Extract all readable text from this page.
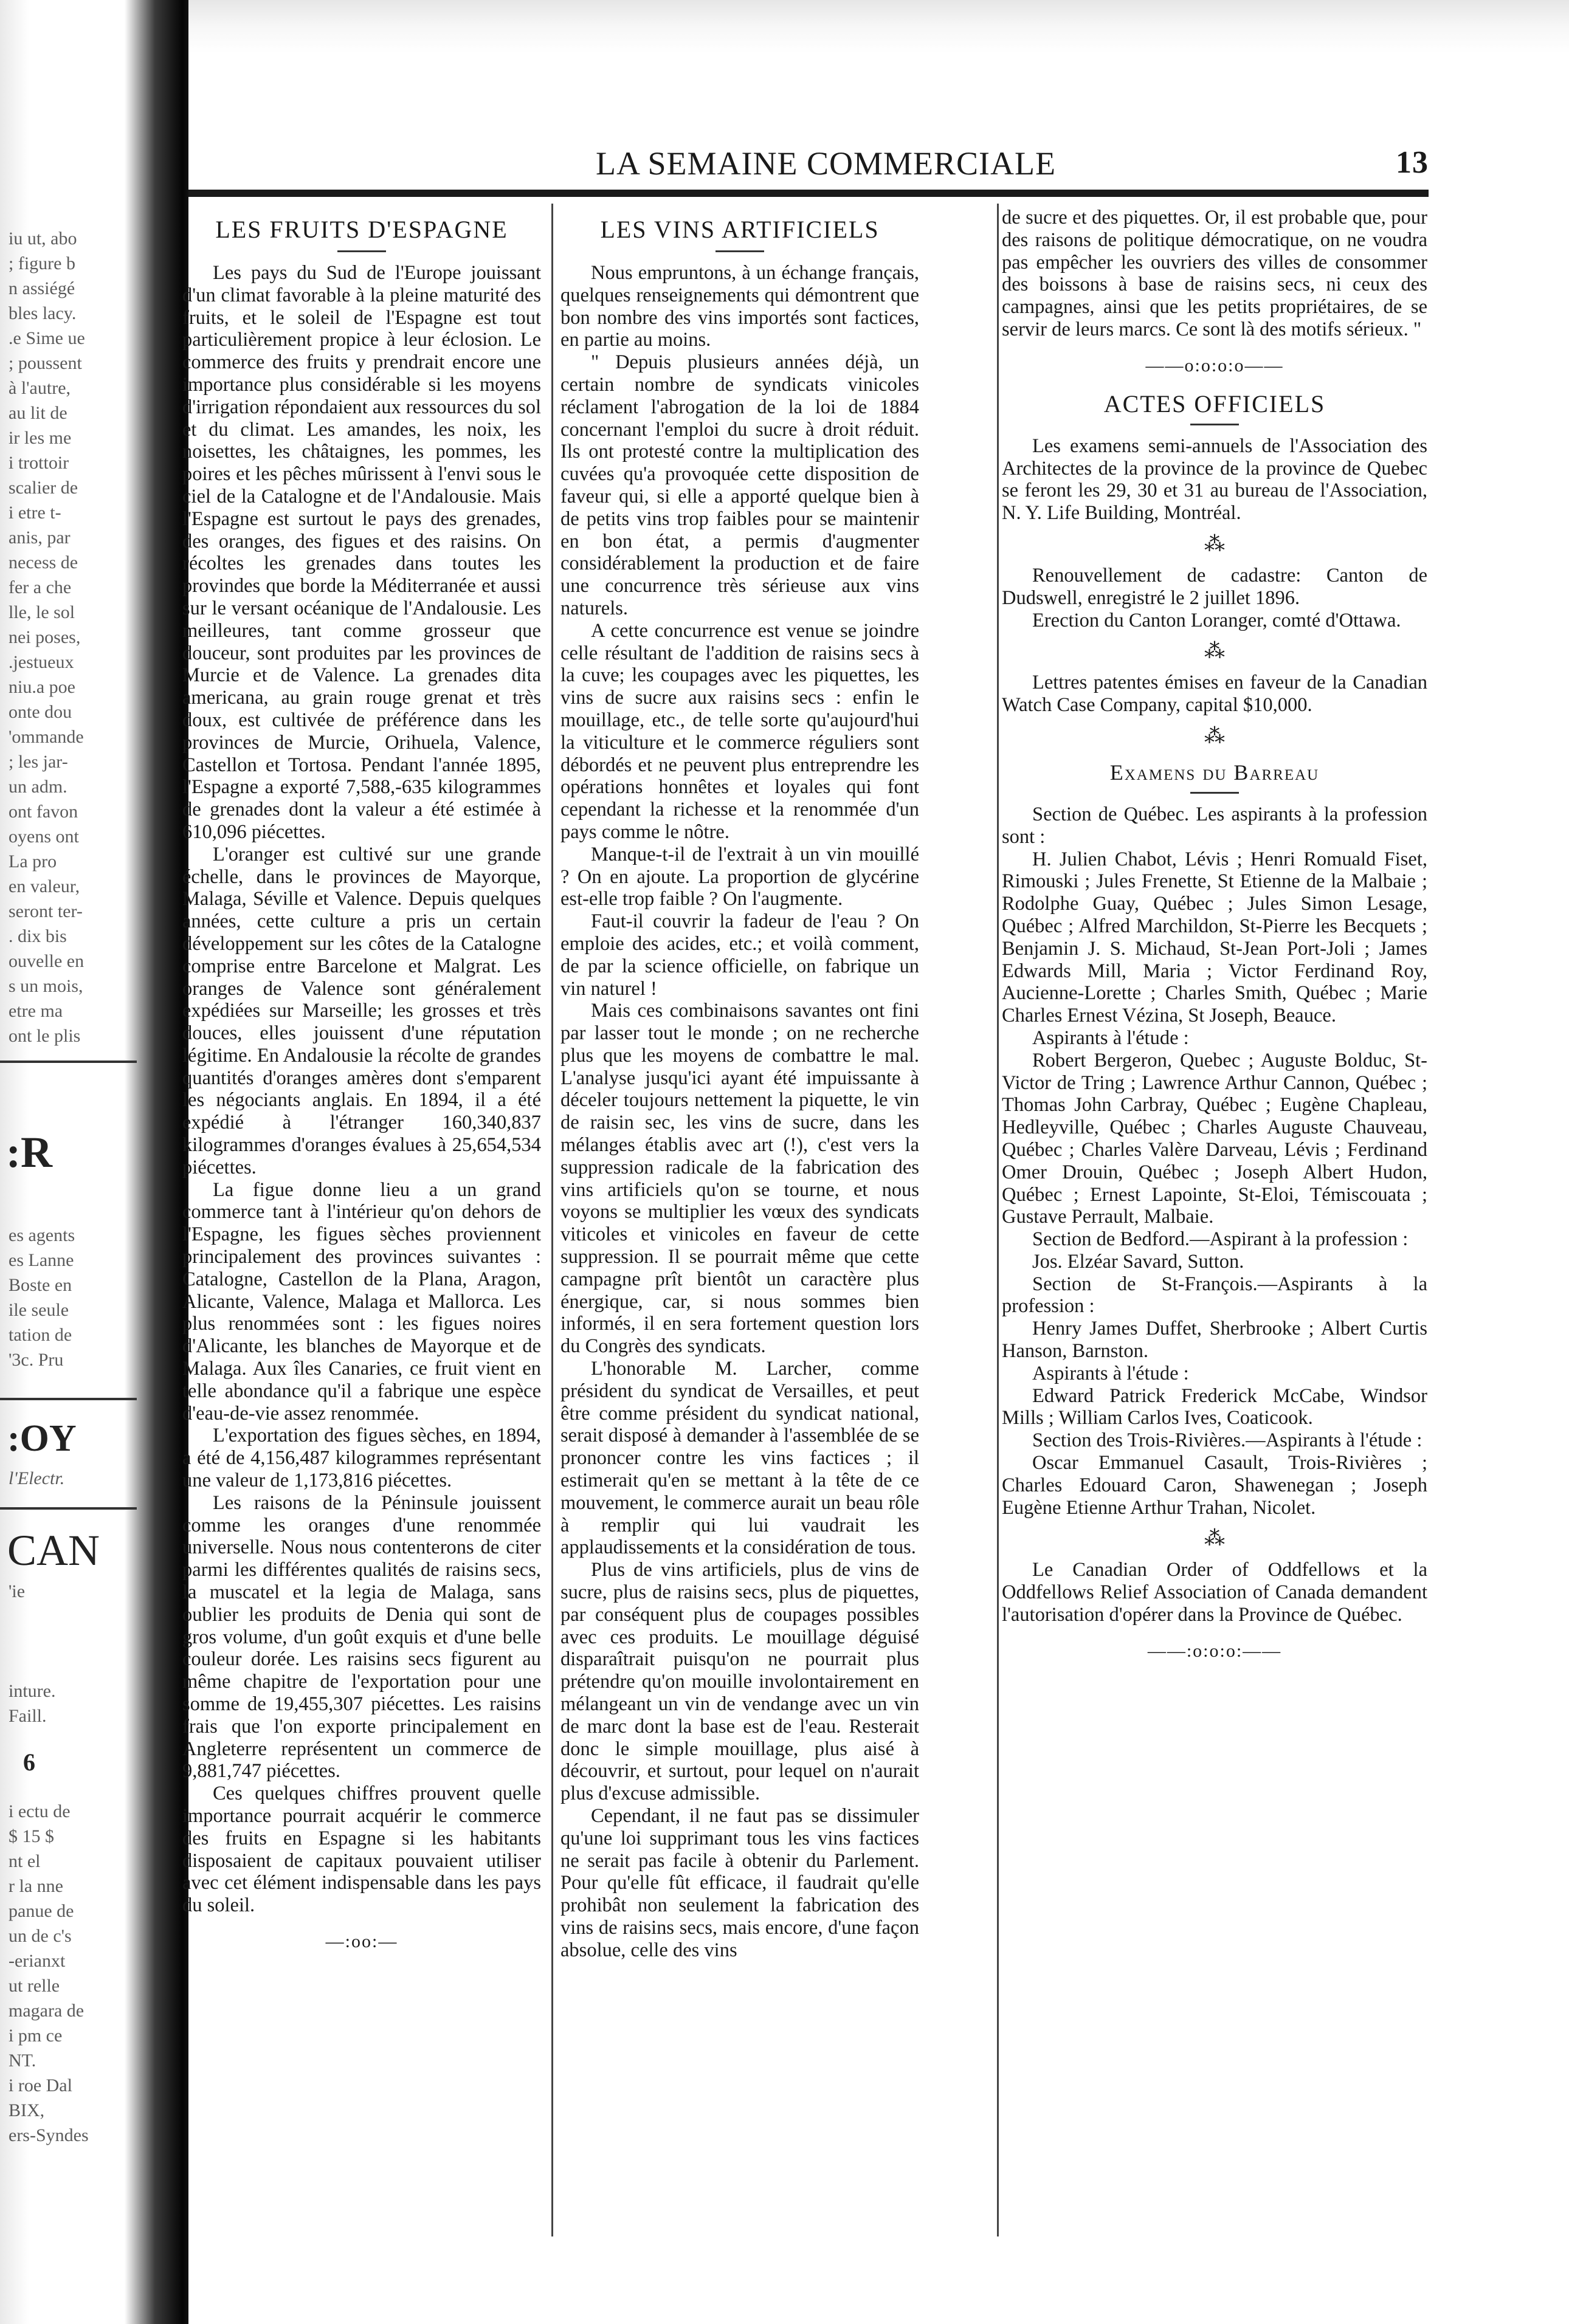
iu ut, abo
; figure b
n assiégé
bles lacy.
.e Sime ue
; poussent
à l'autre,
au lit de
ir les me
i trottoir
scalier de
i etre t-
anis, par
necess de
fer a che
lle, le sol
nei poses,
.jestueux
niu.a poe
onte dou
'ommande
; les jar-
un adm.
ont favon
oyens ont
La pro
en valeur,
seront ter-
. dix bis
ouvelle en
s un mois,
etre ma
ont le plis
:R
es agents
es Lanne
Boste en
ile seule
tation de
'3c. Pru
:OY
l'Electr.
CAN
'ie
inture.
Faill.
6
i ectu de
$ 15 $
nt el
r la nne
panue de
un de c's
-erianxt
ut relle
magara de
i pm ce
NT.
i roe Dal
BIX,
ers-Syndes
LA SEMAINE COMMERCIALE	13
LES FRUITS D'ESPAGNE

Les pays du Sud de l'Europe jouissant d'un climat favorable à la pleine maturité des fruits, et le soleil de l'Espagne est tout particulièrement propice à leur éclosion. Le commerce des fruits y prendrait encore une importance plus considérable si les moyens d'irrigation répondaient aux ressources du sol et du climat. Les amandes, les noix, les noisettes, les châtaignes, les pommes, les poires et les pêches mûrissent à l'envi sous le ciel de la Catalogne et de l'Andalousie. Mais l'Espagne est surtout le pays des grenades, des oranges, des figues et des raisins. On récoltes les grenades dans toutes les provindes que borde la Méditerranée et aussi sur le versant océanique de l'Andalousie. Les meilleures, tant comme grosseur que douceur, sont produites par les provinces de Murcie et de Valence. La grenades dita americana, au grain rouge grenat et très doux, est cultivée de préférence dans les provinces de Murcie, Orihuela, Valence, Castellon et Tortosa. Pendant l'année 1895, l'Espagne a exporté 7,588,-635 kilogrammes de grenades dont la valeur a été estimée à 610,096 piécettes.

L'oranger est cultivé sur une grande échelle, dans le provinces de Mayorque, Malaga, Séville et Valence. Depuis quelques années, cette culture a pris un certain développement sur les côtes de la Catalogne comprise entre Barcelone et Malgrat. Les oranges de Valence sont généralement expédiées sur Marseille; les grosses et très douces, elles jouissent d'une réputation légitime. En Andalousie la récolte de grandes quantités d'oranges amères dont s'emparent les négociants anglais. En 1894, il a été expédié à l'étranger 160,340,837 kilogrammes d'oranges évalues à 25,654,534 piécettes.

La figue donne lieu a un grand commerce tant à l'intérieur qu'on dehors de l'Espagne, les figues sèches proviennent principalement des provinces suivantes : Catalogne, Castellon de la Plana, Aragon, Alicante, Valence, Malaga et Mallorca. Les plus renommées sont : les figues noires d'Alicante, les blanches de Mayorque et de Malaga. Aux îles Canaries, ce fruit vient en telle abondance qu'il a fabrique une espèce d'eau-de-vie assez renommée.

L'exportation des figues sèches, en 1894, a été de 4,156,487 kilogrammes représentant une valeur de 1,173,816 piécettes.

Les raisons de la Péninsule jouissent comme les oranges d'une renommée universelle. Nous nous contenterons de citer parmi les différentes qualités de raisins secs, la muscatel et la legia de Malaga, sans oublier les produits de Denia qui sont de gros volume, d'un goût exquis et d'une belle couleur dorée. Les raisins secs figurent au même chapitre de l'exportation pour une somme de 19,455,307 piécettes. Les raisins frais que l'on exporte principalement en Angleterre représentent un commerce de 9,881,747 piécettes.

Ces quelques chiffres prouvent quelle importance pourrait acquérir le commerce des fruits en Espagne si les habitants disposaient de capitaux pouvaient utiliser avec cet élément indispensable dans les pays du soleil.

—:oo:—
LES VINS ARTIFICIELS

Nous empruntons, à un échange français, quelques renseignements qui démontrent que bon nombre des vins importés sont factices, en partie au moins.

" Depuis plusieurs années déjà, un certain nombre de syndicats vinicoles réclament l'abrogation de la loi de 1884 concernant l'emploi du sucre à droit réduit. Ils ont protesté contre la multiplication des cuvées qu'a provoquée cette disposition de faveur qui, si elle a apporté quelque bien à de petits vins trop faibles pour se maintenir en bon état, a permis d'augmenter considérablement la production et de faire une concurrence très sérieuse aux vins naturels.

A cette concurrence est venue se joindre celle résultant de l'addition de raisins secs à la cuve; les coupages avec les piquettes, les vins de sucre aux raisins secs : enfin le mouillage, etc., de telle sorte qu'aujourd'hui la viticulture et le commerce réguliers sont débordés et ne peuvent plus entreprendre les opérations honnêtes et loyales qui font cependant la richesse et la renommée d'un pays comme le nôtre.

Manque-t-il de l'extrait à un vin mouillé ? On en ajoute. La proportion de glycérine est-elle trop faible ? On l'augmente.

Faut-il couvrir la fadeur de l'eau ? On emploie des acides, etc.; et voilà comment, de par la science officielle, on fabrique un vin naturel !

Mais ces combinaisons savantes ont fini par lasser tout le monde ; on ne recherche plus que les moyens de combattre le mal. L'analyse jusqu'ici ayant été impuissante à déceler toujours nettement la piquette, le vin de raisin sec, les vins de sucre, dans les mélanges établis avec art (!), c'est vers la suppression radicale de la fabrication des vins artificiels qu'on se tourne, et nous voyons se multiplier les vœux des syndicats viticoles et vinicoles en faveur de cette suppression. Il se pourrait même que cette campagne prît bientôt un caractère plus énergique, car, si nous sommes bien informés, il en sera fortement question lors du Congrès des syndicats.

L'honorable M. Larcher, comme président du syndicat de Versailles, et peut être comme président du syndicat national, serait disposé à demander à l'assemblée de se prononcer contre les vins factices ; il estimerait qu'en se mettant à la tête de ce mouvement, le commerce aurait un beau rôle à remplir qui lui vaudrait les applaudissements et la considération de tous.

Plus de vins artificiels, plus de vins de sucre, plus de raisins secs, plus de piquettes, par conséquent plus de coupages possibles avec ces produits. Le mouillage déguisé disparaîtrait puisqu'on ne pourrait plus prétendre qu'on mouille involontairement en mélangeant un vin de vendange avec un vin de marc dont la base est de l'eau. Resterait donc le simple mouillage, plus aisé à découvrir, et surtout, pour lequel on n'aurait plus d'excuse admissible.

Cependant, il ne faut pas se dissimuler qu'une loi supprimant tous les vins factices ne serait pas facile à obtenir du Parlement. Pour qu'elle fût efficace, il faudrait qu'elle prohibât non seulement la fabrication des vins de raisins secs, mais encore, d'une façon absolue, celle des vins

de sucre et des piquettes. Or, il est probable que, pour des raisons de politique démocratique, on ne voudra pas empêcher les ouvriers des villes de consommer des boissons à base de raisins secs, ni ceux des campagnes, ainsi que les petits propriétaires, de se servir de leurs marcs. Ce sont là des motifs sérieux. "

——o:o:o:o——
ACTES OFFICIELS

Les examens semi-annuels de l'Association des Architectes de la province de la province de Quebec se feront les 29, 30 et 31 au bureau de l'Association, N. Y. Life Building, Montréal.

⁂

Renouvellement de cadastre: Canton de Dudswell, enregistré le 2 juillet 1896.

Erection du Canton Loranger, comté d'Ottawa.

⁂

Lettres patentes émises en faveur de la Canadian Watch Case Company, capital $10,000.

⁂
Examens du Barreau

Section de Québec. Les aspirants à la profession sont :

H. Julien Chabot, Lévis ; Henri Romuald Fiset, Rimouski ; Jules Frenette, St Etienne de la Malbaie ; Rodolphe Guay, Québec ; Jules Simon Lesage, Québec ; Alfred Marchildon, St-Pierre les Becquets ; Benjamin J. S. Michaud, St-Jean Port-Joli ; James Edwards Mill, Maria ; Victor Ferdinand Roy, Aucienne-Lorette ; Charles Smith, Québec ; Marie Charles Ernest Vézina, St Joseph, Beauce.

Aspirants à l'étude :

Robert Bergeron, Quebec ; Auguste Bolduc, St-Victor de Tring ; Lawrence Arthur Cannon, Québec ; Thomas John Carbray, Québec ; Eugène Chapleau, Hedleyville, Québec ; Charles Auguste Chauveau, Québec ; Charles Valère Darveau, Lévis ; Ferdinand Omer Drouin, Québec ; Joseph Albert Hudon, Québec ; Ernest Lapointe, St-Eloi, Témiscouata ; Gustave Perrault, Malbaie.

Section de Bedford.—Aspirant à la profession :

Jos. Elzéar Savard, Sutton.

Section de St-François.—Aspirants à la profession :

Henry James Duffet, Sherbrooke ; Albert Curtis Hanson, Barnston.

Aspirants à l'étude :

Edward Patrick Frederick McCabe, Windsor Mills ; William Carlos Ives, Coaticook.

Section des Trois-Rivières.—Aspirants à l'étude :

Oscar Emmanuel Casault, Trois-Rivières ; Charles Edouard Caron, Shawenegan ; Joseph Eugène Etienne Arthur Trahan, Nicolet.

⁂

Le Canadian Order of Oddfellows et la Oddfellows Relief Association of Canada demandent l'autorisation d'opérer dans la Province de Québec.

——:o:o:o:——
